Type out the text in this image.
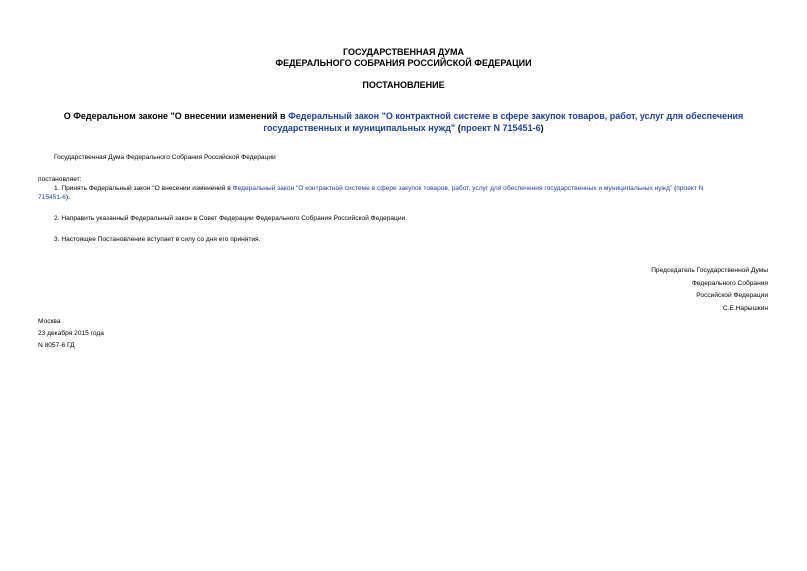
ГОСУДАРСТВЕННАЯ ДУМА
ФЕДЕРАЛЬНОГО СОБРАНИЯ РОССИЙСКОЙ ФЕДЕРАЦИИ
ПОСТАНОВЛЕНИЕ
О Федеральном законе "О внесении изменений в Федеральный закон "О контрактной системе в сфере закупок товаров, работ, услуг для обеспечения
государственных и муниципальных нужд" (проект N 715451-6)
Государственная Дума Федерального Собрания Российской Федерации
постановляет:
1. Принять Федеральный закон "О внесении изменений в Федеральный закон "О контрактной системе в сфере закупок товаров, работ, услуг для обеспечения государственных и муниципальных нужд" (проект N
715451-6).
2. Направить указанный Федеральный закон в Совет Федерации Федерального Собрания Российской Федерации.
3. Настоящее Постановление вступает в силу со дня его принятия.
Председатель Государственной Думы
Федерального Собрания
Российской Федерации
С.Е.Нарышкин
Москва
23 декабря 2015 года
N 8057-6 ГД
